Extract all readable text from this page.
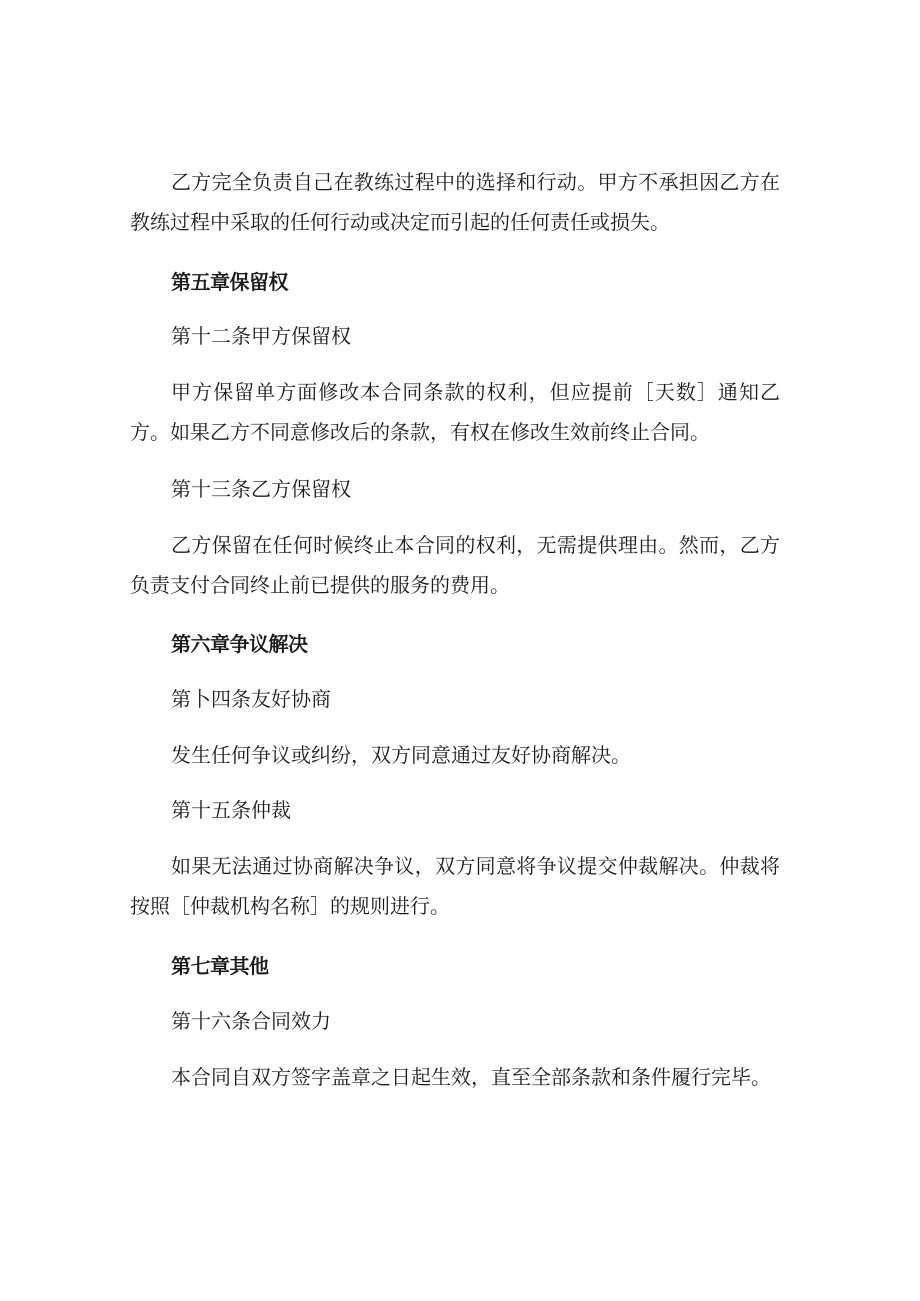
乙方完全负责自己在教练过程中的选择和行动。甲方不承担因乙方在教练过程中采取的任何行动或决定而引起的任何责任或损失。

第五章保留权

第十二条甲方保留权

甲方保留单方面修改本合同条款的权利，但应提前［天数］通知乙方。如果乙方不同意修改后的条款，有权在修改生效前终止合同。

第十三条乙方保留权

乙方保留在任何时候终止本合同的权利，无需提供理由。然而，乙方负责支付合同终止前已提供的服务的费用。

第六章争议解决

第卜四条友好协商

发生任何争议或纠纷，双方同意通过友好协商解决。

第十五条仲裁

如果无法通过协商解决争议，双方同意将争议提交仲裁解决。仲裁将按照［仲裁机构名称］的规则进行。

第七章其他

第十六条合同效力

本合同自双方签字盖章之日起生效，直至全部条款和条件履行完毕。
